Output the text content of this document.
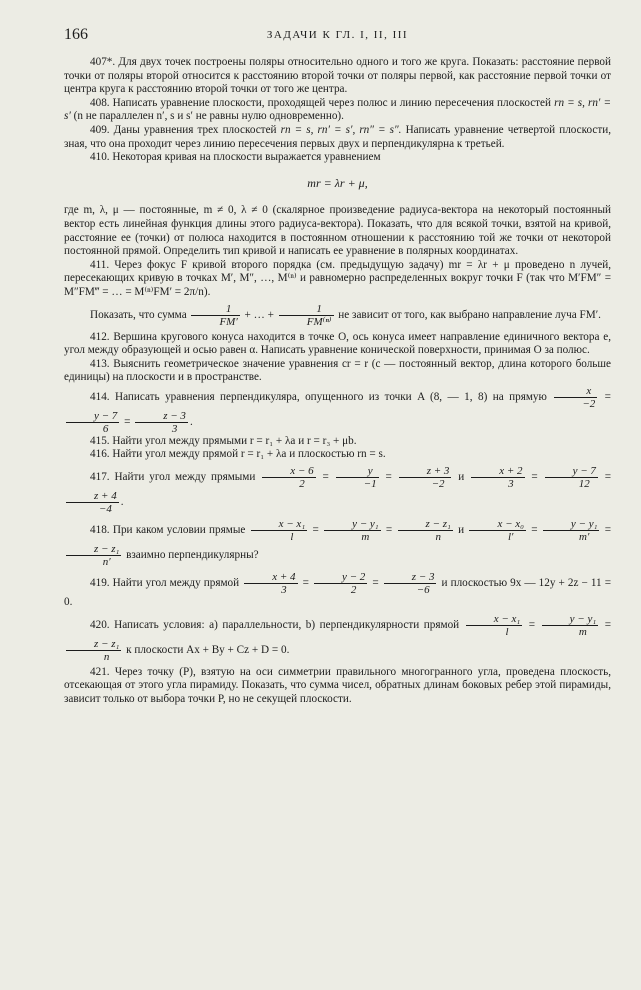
166	ЗАДАЧИ К ГЛ. I, II, III

407*. Для двух точек построены поляры относительно одного и того же круга. Показать: расстояние первой точки от поляры второй относится к расстоянию второй точки от поляры первой, как расстояние первой точки от центра круга к расстоянию второй точки от того же центра.

408. Написать уравнение плоскости, проходящей через полюс и линию пересечения плоскостей rn = s, rn′ = s′ (n не параллелен n′, s и s′ не равны нулю одновременно).

409. Даны уравнения трех плоскостей rn = s, rn′ = s′, rn″ = s″. Написать уравнение четвертой плоскости, зная, что она проходит через линию пересечения первых двух и перпендикулярна к третьей.

410. Некоторая кривая на плоскости выражается уравнением

mr = λr + μ,

где m, λ, μ — постоянные, m ≠ 0, λ ≠ 0 (скалярное произведение радиуса-вектора на некоторый постоянный вектор есть линейная функция длины этого радиуса-вектора). Показать, что для всякой точки, взятой на кривой, расстояние ее (точки) от полюса находится в постоянном отношении к расстоянию той же точки от некоторой постоянной прямой. Определить тип кривой и написать ее уравнение в полярных координатах.

411. Через фокус F кривой второго порядка (см. предыдущую задачу) mr = λr + μ проведено n лучей, пересекающих кривую в точках M′, M″, …, M⁽ⁿ⁾ и равномерно распределенных вокруг точки F (так что M′FM″ = M″FM‴ = … = M⁽ⁿ⁾FM′ = 2π/n).

Показать, что сумма $\frac{1}{FM'}$ + … + $\frac{1}{\text{FM⁽ⁿ⁾}}$ не зависит от того, как выбрано направление луча FM′.

412. Вершина кругового конуса находится в точке O, ось конуса имеет направление единичного вектора e, угол между образующей и осью равен α. Написать уравнение конической поверхности, принимая O за полюс.

413. Выяснить геометрическое значение уравнения cr = r (c — постоянный вектор, длина которого больше единицы) на плоскости и в пространстве.

414. Написать уравнения перпендикуляра, опущенного из точки A (8, — 1, 8) на прямую $\frac{x}{-2}$ =
$\frac{y - 7}{6} = \frac{z - 3}{3}$ .

415. Найти угол между прямыми r = r₁ + λa и r = r₃ + μb.

416. Найти угол между прямой r = r₁ + λa и плоскостью rn = s.

417. Найти угол между прямыми $\frac{x - 6}{2} = \frac{y}{-1} = \frac{z + 3}{-2}$ и $\frac{x + 2}{3} = \frac{y - 7}{12}$ =
$\frac{z + 4}{-4}$ .

418. При каком условии прямые $\frac{\text{x − x₁}}{l} = \frac{\text{y − y₁}}{m} = \frac{\text{z − z₁}}{n}$ и $\frac{\text{x − x₀}}{l'} = \frac{\text{y − y₁}}{m'}$ =
$\frac{\text{z − z₁}}{n'}$ взаимно перпендикулярны?

419. Найти угол между прямой $\frac{x + 4}{3} = \frac{y - 2}{2} = \frac{z - 3}{-6}$ и плоскостью 9x — 12y + 2z − 11 = 0.

420. Написать условия: a) параллельности, b) перпендикулярности прямой $\frac{\text{x − x₁}}{l} = \frac{\text{y − y₁}}{m}$ =
$\frac{\text{z − z₁}}{n}$ к плоскости Ax + By + Cz + D = 0.

421. Через точку (P), взятую на оси симметрии правильного многогранного угла, проведена плоскость, отсекающая от этого угла пирамиду. Показать, что сумма чисел, обратных длинам боковых ребер этой пирамиды, зависит только от выбора точки P, но не секущей плоскости.
